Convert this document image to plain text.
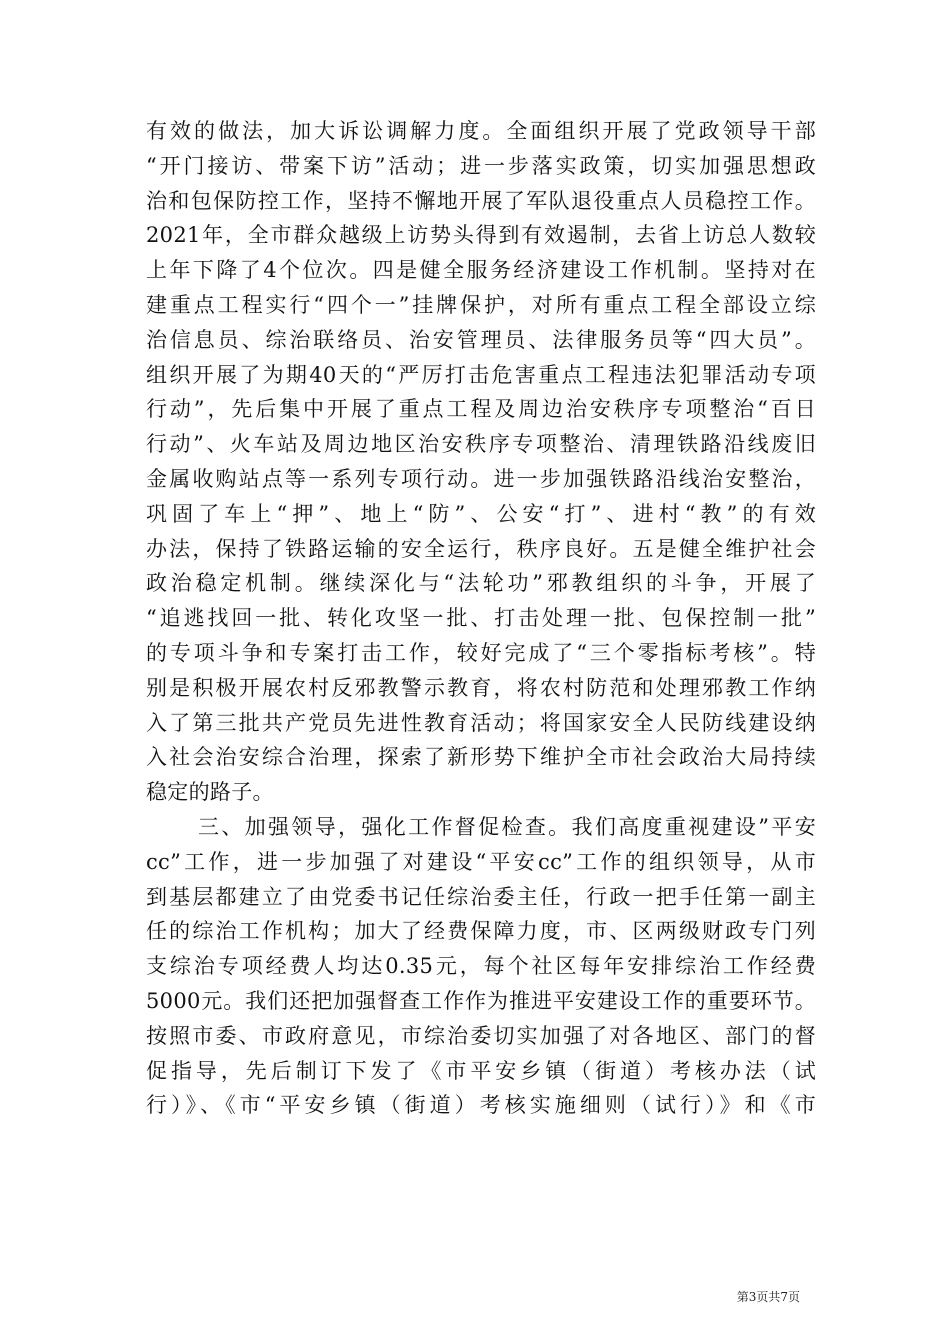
有效的做法，加大诉讼调解力度。全面组织开展了党政领导干部
“开门接访、带案下访”活动；进一步落实政策，切实加强思想政
治和包保防控工作，坚持不懈地开展了军队退役重点人员稳控工作。
2021年，全市群众越级上访势头得到有效遏制，去省上访总人数较
上年下降了4个位次。四是健全服务经济建设工作机制。坚持对在
建重点工程实行“四个一”挂牌保护，对所有重点工程全部设立综
治信息员、综治联络员、治安管理员、法律服务员等“四大员”。
组织开展了为期40天的“严厉打击危害重点工程违法犯罪活动专项
行动”，先后集中开展了重点工程及周边治安秩序专项整治“百日
行动”、火车站及周边地区治安秩序专项整治、清理铁路沿线废旧
金属收购站点等一系列专项行动。进一步加强铁路沿线治安整治，
巩固了车上“押”、地上“防”、公安“打”、进村“教”的有效
办法，保持了铁路运输的安全运行，秩序良好。五是健全维护社会
政治稳定机制。继续深化与“法轮功”邪教组织的斗争，开展了
“追逃找回一批、转化攻坚一批、打击处理一批、包保控制一批”
的专项斗争和专案打击工作，较好完成了“三个零指标考核”。特
别是积极开展农村反邪教警示教育，将农村防范和处理邪教工作纳
入了第三批共产党员先进性教育活动；将国家安全人民防线建设纳
入社会治安综合治理，探索了新形势下维护全市社会政治大局持续
稳定的路子。
三、加强领导，强化工作督促检查。我们高度重视建设”平安
cc”工作，进一步加强了对建设“平安cc”工作的组织领导，从市
到基层都建立了由党委书记任综治委主任，行政一把手任第一副主
任的综治工作机构；加大了经费保障力度，市、区两级财政专门列
支综治专项经费人均达0.35元，每个社区每年安排综治工作经费
5000元。我们还把加强督查工作作为推进平安建设工作的重要环节。
按照市委、市政府意见，市综治委切实加强了对各地区、部门的督
促指导，先后制订下发了《市平安乡镇（街道）考核办法（试
行）》、《市“平安乡镇（街道）考核实施细则（试行）》和《市
第3页共7页
